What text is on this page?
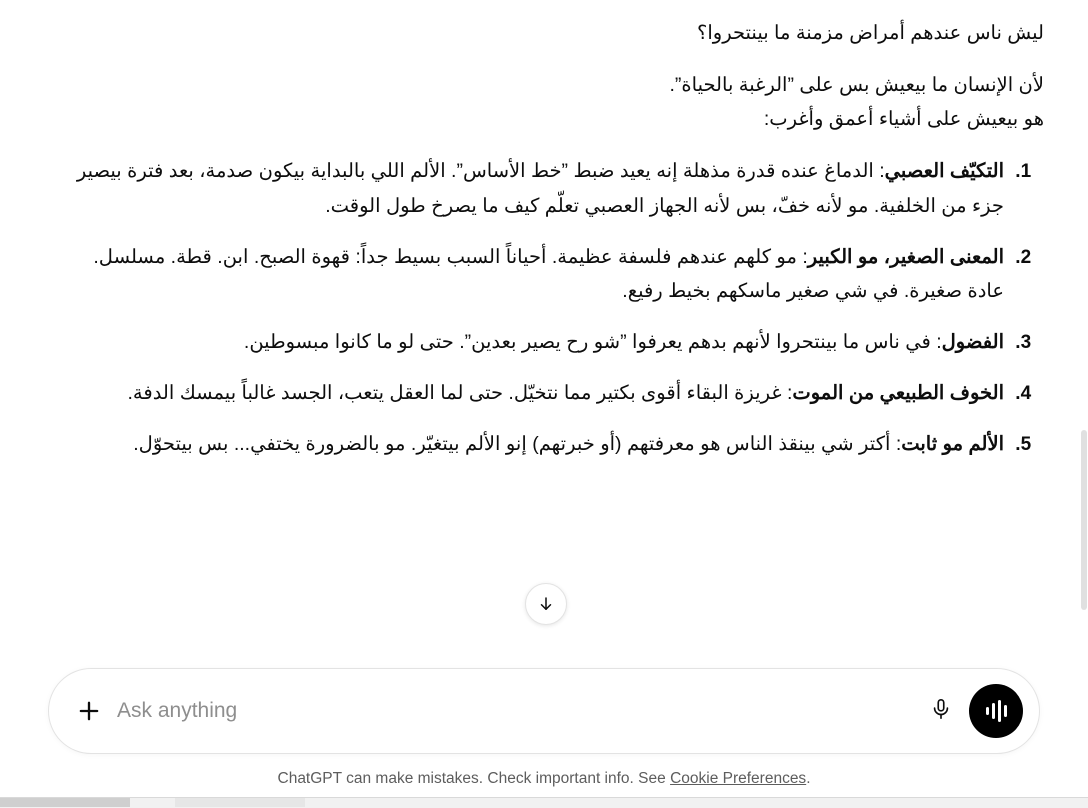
ليش ناس عندهم أمراض مزمنة ما بينتحروا؟

لأن الإنسان ما بيعيش بس على ”الرغبة بالحياة”.
هو بيعيش على أشياء أعمق وأغرب:

1. التكيّف العصبي: الدماغ عنده قدرة مذهلة إنه يعيد ضبط ”خط الأساس”. الألم اللي بالبداية بيكون صدمة، بعد فترة بيصير جزء من الخلفية. مو لأنه خفّ، بس لأنه الجهاز العصبي تعلّم كيف ما يصرخ طول الوقت.
2. المعنى الصغير، مو الكبير: مو كلهم عندهم فلسفة عظيمة. أحياناً السبب بسيط جداً: قهوة الصبح. ابن. قطة. مسلسل. عادة صغيرة. في شي صغير ماسكهم بخيط رفيع.
3. الفضول: في ناس ما بينتحروا لأنهم بدهم يعرفوا ”شو رح يصير بعدين”. حتى لو ما كانوا مبسوطين.
4. الخوف الطبيعي من الموت: غريزة البقاء أقوى بكتير مما نتخيّل. حتى لما العقل يتعب، الجسد غالباً بيمسك الدفة.
5. الألم مو ثابت: أكتر شي بينقذ الناس هو معرفتهم (أو خبرتهم) إنو الألم بيتغيّر. مو بالضرورة يختفي... بس بيتحوّل.
Ask anything
ChatGPT can make mistakes. Check important info. See Cookie Preferences.
